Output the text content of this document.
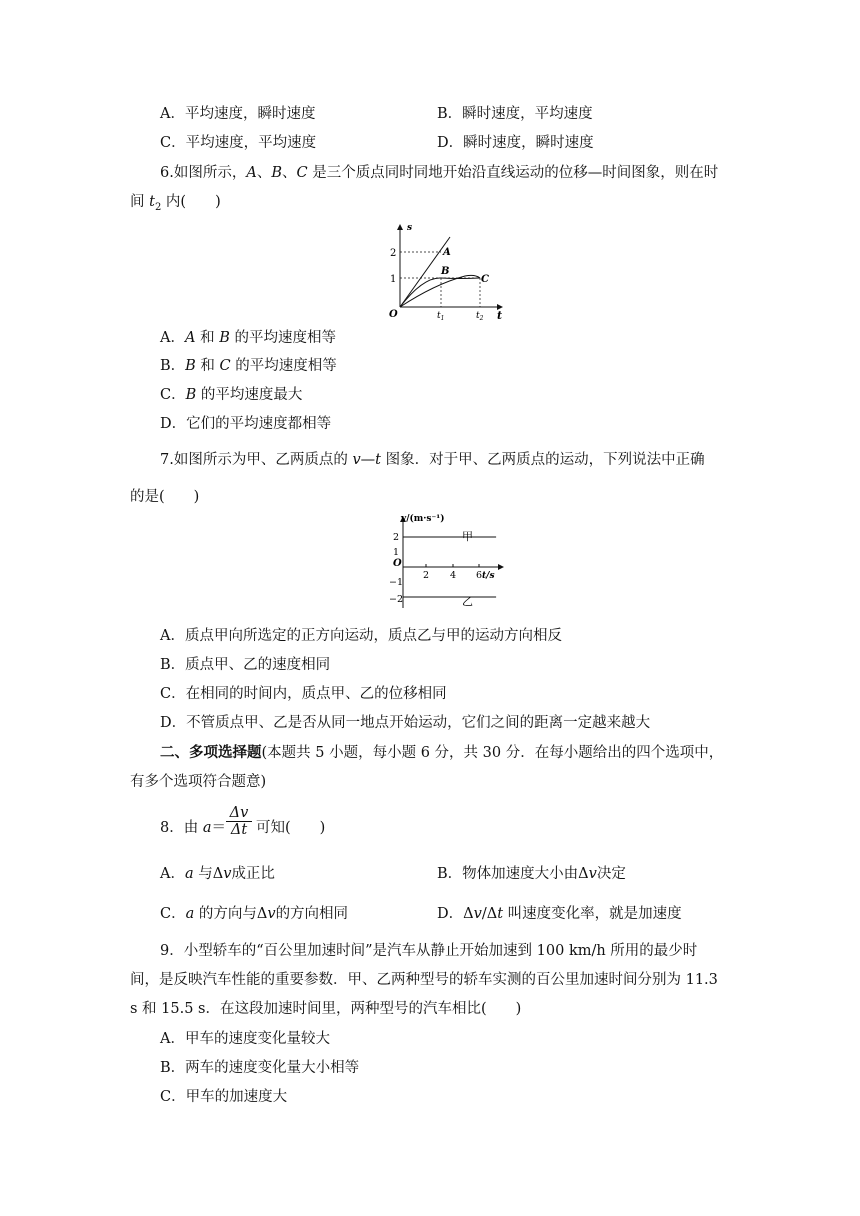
A．平均速度，瞬时速度	B．瞬时速度，平均速度
C．平均速度，平均速度	D．瞬时速度，瞬时速度
6.如图所示，A、B、C 是三个质点同时同地开始沿直线运动的位移—时间图象，则在时
间 $t_2$ 内(　　)
s
t
O
2
1
$t_1$	$t_2$
A
B
C
A．A 和 B 的平均速度相等
B．B 和 C 的平均速度相等
C．B 的平均速度最大
D．它们的平均速度都相等
7.如图所示为甲、乙两质点的 v—t 图象．对于甲、乙两质点的运动，下列说法中正确
的是(　　)
v/(m·s⁻¹)
t/s
O
2
1
−1
−2
2 4 6
甲
乙
A．质点甲向所选定的正方向运动，质点乙与甲的运动方向相反
B．质点甲、乙的速度相同
C．在相同的时间内，质点甲、乙的位移相同
D．不管质点甲、乙是否从同一地点开始运动，它们之间的距离一定越来越大
二、多项选择题(本题共 5 小题，每小题 6 分，共 30 分．在每小题给出的四个选项中，
有多个选项符合题意)
8．由 a＝ 可知(　　)
$\frac{\Delta v}{\Delta t}$
A．a 与Δv成正比	B．物体加速度大小由Δv决定
C．a 的方向与Δv的方向相同	D．Δv/Δt 叫速度变化率，就是加速度
9．小型轿车的“百公里加速时间”是汽车从静止开始加速到 100 km/h 所用的最少时
间，是反映汽车性能的重要参数．甲、乙两种型号的轿车实测的百公里加速时间分别为 11.3
s 和 15.5 s．在这段加速时间里，两种型号的汽车相比(　　)
A．甲车的速度变化量较大
B．两车的速度变化量大小相等
C．甲车的加速度大
